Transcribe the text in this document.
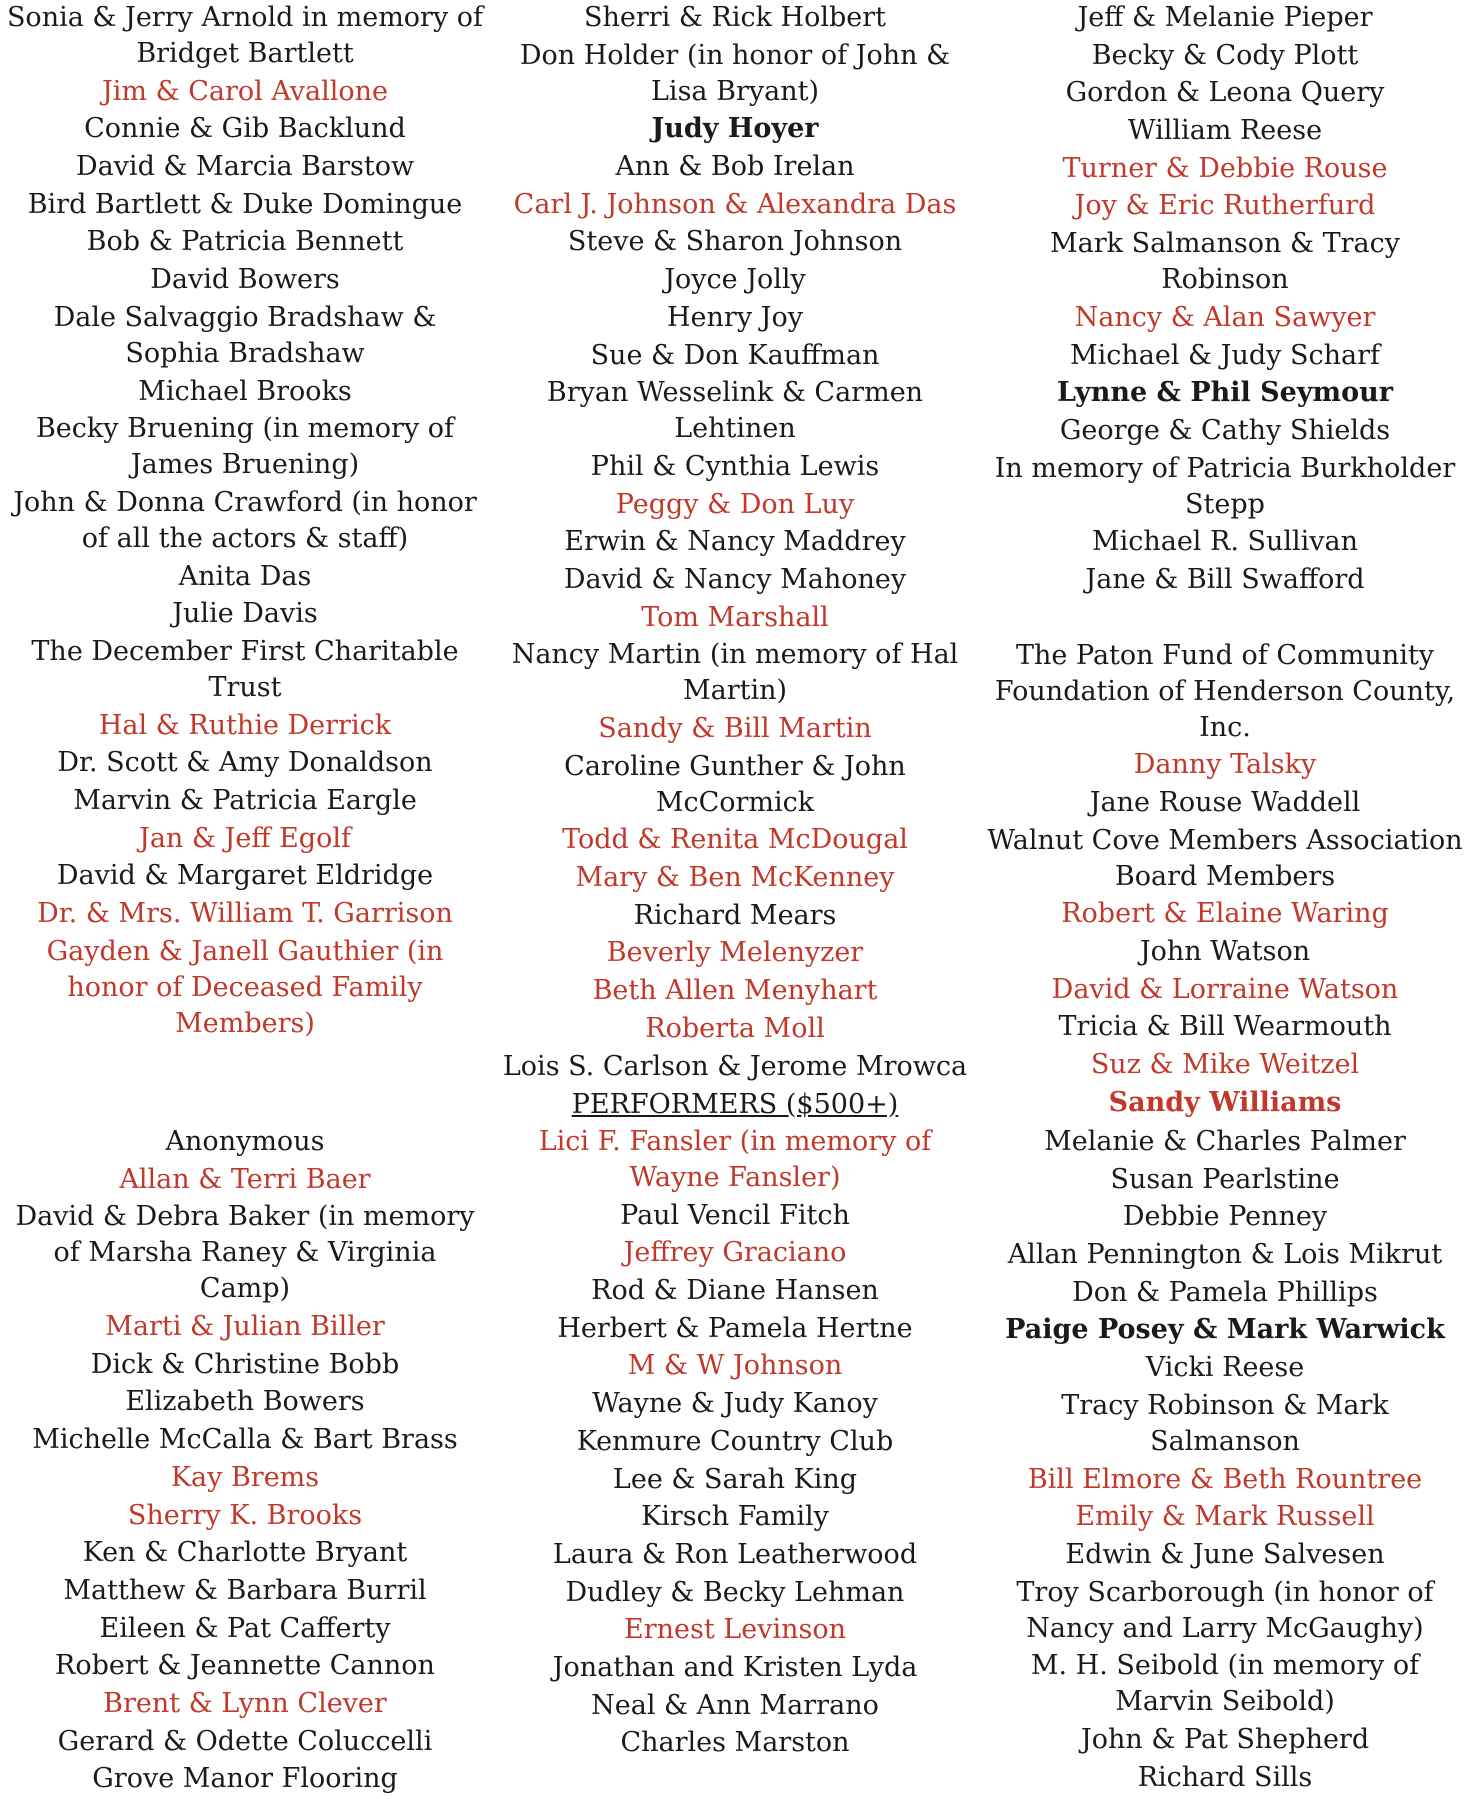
Sonia & Jerry Arnold in memory of Bridget Bartlett
Jim & Carol Avallone
Connie & Gib Backlund
David & Marcia Barstow
Bird Bartlett & Duke Domingue
Bob & Patricia Bennett
David Bowers
Dale Salvaggio Bradshaw & Sophia Bradshaw
Michael Brooks
Becky Bruening (in memory of James Bruening)
John & Donna Crawford (in honor of all the actors & staff)
Anita Das
Julie Davis
The December First Charitable Trust
Hal & Ruthie Derrick
Dr. Scott & Amy Donaldson
Marvin & Patricia Eargle
Jan & Jeff Egolf
David & Margaret Eldridge
Dr. & Mrs. William T. Garrison
Gayden & Janell Gauthier (in honor of Deceased Family Members)
Sherri & Rick Holbert
Don Holder (in honor of John & Lisa Bryant)
Judy Hoyer
Ann & Bob Irelan
Carl J. Johnson & Alexandra Das
Steve & Sharon Johnson
Joyce Jolly
Henry Joy
Sue & Don Kauffman
Bryan Wesselink & Carmen Lehtinen
Phil & Cynthia Lewis
Peggy & Don Luy
Erwin & Nancy Maddrey
David & Nancy Mahoney
Tom Marshall
Nancy Martin (in memory of Hal Martin)
Sandy & Bill Martin
Caroline Gunther & John McCormick
Todd & Renita McDougal
Mary & Ben McKenney
Richard Mears
Beverly Melenyzer
Beth Allen Menyhart
Roberta Moll
Lois S. Carlson & Jerome Mrowca
Jeff & Melanie Pieper
Becky & Cody Plott
Gordon & Leona Query
William Reese
Turner & Debbie Rouse
Joy & Eric Rutherfurd
Mark Salmanson & Tracy Robinson
Nancy & Alan Sawyer
Michael & Judy Scharf
Lynne & Phil Seymour
George & Cathy Shields
In memory of Patricia Burkholder Stepp
Michael R. Sullivan
Jane & Bill Swafford
The Paton Fund of Community Foundation of Henderson County, Inc.
Danny Talsky
Jane Rouse Waddell
Walnut Cove Members Association Board Members
Robert & Elaine Waring
John Watson
David & Lorraine Watson
Tricia & Bill Wearmouth
Suz & Mike Weitzel
Sandy Williams
PERFORMERS ($500+)
Anonymous
Allan & Terri Baer
David & Debra Baker (in memory of Marsha Raney & Virginia Camp)
Marti & Julian Biller
Dick & Christine Bobb
Elizabeth Bowers
Michelle McCalla & Bart Brass
Kay Brems
Sherry K. Brooks
Ken & Charlotte Bryant
Matthew & Barbara Burril
Eileen & Pat Cafferty
Robert & Jeannette Cannon
Brent & Lynn Clever
Gerard & Odette Coluccelli
Grove Manor Flooring
Lici F. Fansler (in memory of Wayne Fansler)
Paul Vencil Fitch
Jeffrey Graciano
Rod & Diane Hansen
Herbert & Pamela Hertne
M & W Johnson
Wayne & Judy Kanoy
Kenmure Country Club
Lee & Sarah King
Kirsch Family
Laura & Ron Leatherwood
Dudley & Becky Lehman
Ernest Levinson
Jonathan and Kristen Lyda
Neal & Ann Marrano
Charles Marston
Melanie & Charles Palmer
Susan Pearlstine
Debbie Penney
Allan Pennington & Lois Mikrut
Don & Pamela Phillips
Paige Posey & Mark Warwick
Vicki Reese
Tracy Robinson & Mark Salmanson
Bill Elmore & Beth Rountree
Emily & Mark Russell
Edwin & June Salvesen
Troy Scarborough (in honor of Nancy and Larry McGaughy)
M. H. Seibold (in memory of Marvin Seibold)
John & Pat Shepherd
Richard Sills
